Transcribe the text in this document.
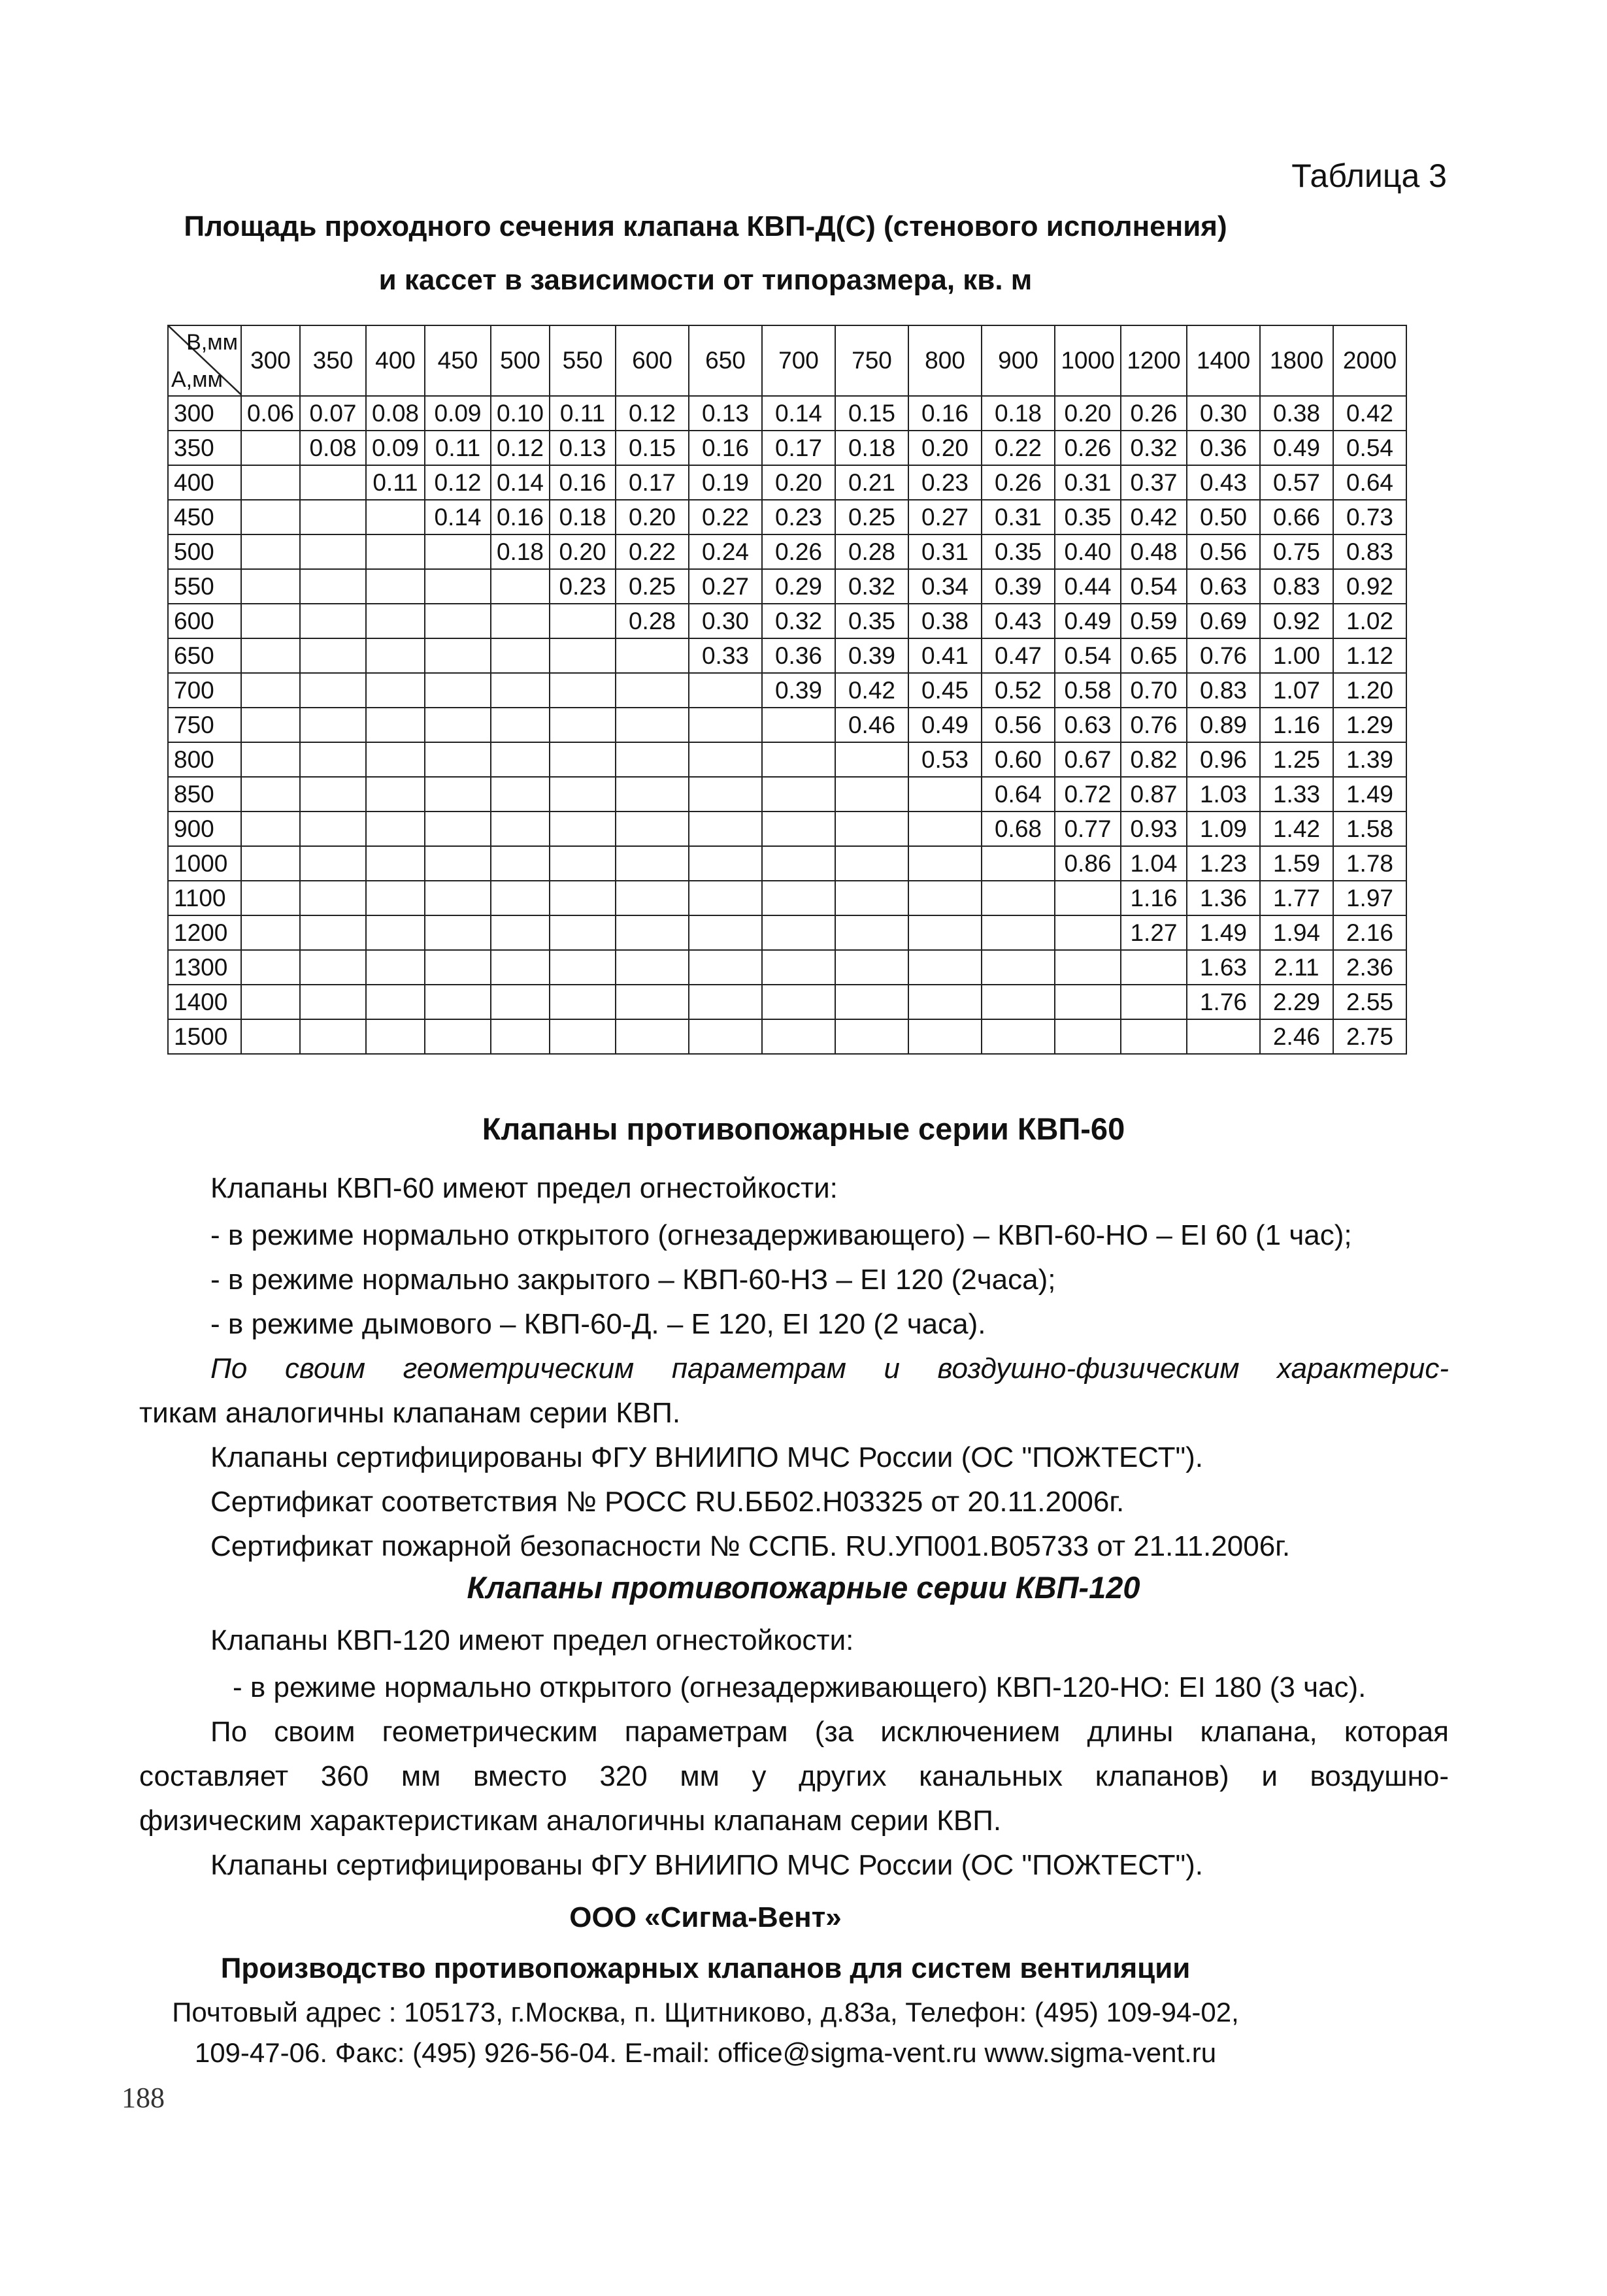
Таблица 3
Площадь проходного сечения клапана КВП-Д(С) (стенового исполнения)
и кассет в зависимости от типоразмера, кв. м
В,мм
А,мм	300	350	400	450	500	550	600	650	700	750	800	900	1000	1200	1400	1800	2000
300	0.06	0.07	0.08	0.09	0.10	0.11	0.12	0.13	0.14	0.15	0.16	0.18	0.20	0.26	0.30	0.38	0.42
350		0.08	0.09	0.11	0.12	0.13	0.15	0.16	0.17	0.18	0.20	0.22	0.26	0.32	0.36	0.49	0.54
400			0.11	0.12	0.14	0.16	0.17	0.19	0.20	0.21	0.23	0.26	0.31	0.37	0.43	0.57	0.64
450				0.14	0.16	0.18	0.20	0.22	0.23	0.25	0.27	0.31	0.35	0.42	0.50	0.66	0.73
500					0.18	0.20	0.22	0.24	0.26	0.28	0.31	0.35	0.40	0.48	0.56	0.75	0.83
550						0.23	0.25	0.27	0.29	0.32	0.34	0.39	0.44	0.54	0.63	0.83	0.92
600							0.28	0.30	0.32	0.35	0.38	0.43	0.49	0.59	0.69	0.92	1.02
650								0.33	0.36	0.39	0.41	0.47	0.54	0.65	0.76	1.00	1.12
700									0.39	0.42	0.45	0.52	0.58	0.70	0.83	1.07	1.20
750										0.46	0.49	0.56	0.63	0.76	0.89	1.16	1.29
800											0.53	0.60	0.67	0.82	0.96	1.25	1.39
850												0.64	0.72	0.87	1.03	1.33	1.49
900												0.68	0.77	0.93	1.09	1.42	1.58
1000													0.86	1.04	1.23	1.59	1.78
1100														1.16	1.36	1.77	1.97
1200														1.27	1.49	1.94	2.16
1300															1.63	2.11	2.36
1400															1.76	2.29	2.55
1500																2.46	2.75
Клапаны противопожарные серии КВП-60
Клапаны КВП-60 имеют предел огнестойкости:
- в режиме нормально открытого (огнезадерживающего) – КВП-60-НО – EI 60 (1 час);
- в режиме нормально закрытого – КВП-60-НЗ – EI 120 (2часа);
- в режиме дымового – КВП-60-Д. – Е 120, EI 120 (2 часа).
По своим геометрическим параметрам и воздушно-физическим характерис-
тикам аналогичны клапанам серии КВП.
Клапаны сертифицированы ФГУ ВНИИПО МЧС России (ОС "ПОЖТЕСТ").
Сертификат соответствия № РОСС RU.ББ02.Н03325 от 20.11.2006г.
Сертификат пожарной безопасности № ССПБ. RU.УП001.В05733 от 21.11.2006г.
Клапаны противопожарные серии КВП-120
Клапаны КВП-120 имеют предел огнестойкости:
- в режиме нормально открытого (огнезадерживающего) КВП-120-НО: EI 180 (3 час).
По своим геометрическим параметрам (за исключением длины клапана, которая
составляет 360 мм вместо 320 мм у других канальных клапанов) и воздушно-
физическим характеристикам аналогичны клапанам серии КВП.
Клапаны сертифицированы ФГУ ВНИИПО МЧС России (ОС "ПОЖТЕСТ").
ООО «Сигма-Вент»
Производство противопожарных клапанов для систем вентиляции
Почтовый адрес : 105173, г.Москва, п. Щитниково, д.83а, Телефон: (495) 109-94-02,
109-47-06. Факс: (495) 926-56-04. E-mail: office@sigma-vent.ru www.sigma-vent.ru
188
